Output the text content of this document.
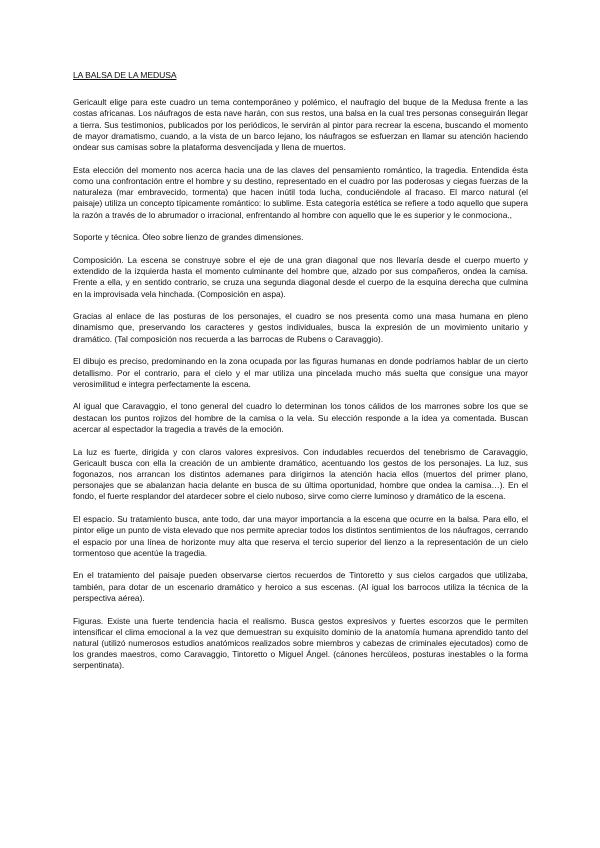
LA BALSA DE LA MEDUSA

Gericault elige para este cuadro un tema contemporáneo y polémico, el naufragio del buque de la Medusa frente a las costas africanas. Los náufragos de esta nave harán, con sus restos, una balsa en la cual tres personas conseguirán llegar a tierra. Sus testimonios, publicados por los periódicos, le servirán al pintor para recrear la escena, buscando el momento de mayor dramatismo, cuando, a la vista de un barco lejano, los náufragos se esfuerzan en llamar su atención haciendo ondear sus camisas sobre la plataforma desvencijada y llena de muertos.

Esta elección del momento nos acerca hacia una de las claves del pensamiento romántico, la tragedia. Entendida ésta como una confrontación entre el hombre y su destino, representado en el cuadro por las poderosas y ciegas fuerzas de la naturaleza (mar embravecido, tormenta) que hacen inútil toda lucha, conduciéndole al fracaso. El marco natural (el paisaje) utiliza un concepto típicamente romántico: lo sublime. Esta categoría estética se refiere a todo aquello que supera la razón a través de lo abrumador o irracional, enfrentando al hombre con aquello que le es superior y le conmociona.,

Soporte y técnica. Óleo sobre lienzo de grandes dimensiones.

Composición. La escena se construye sobre el eje de una gran diagonal que nos llevaría desde el cuerpo muerto y extendido de la izquierda hasta el momento culminante del hombre que, alzado por sus compañeros, ondea la camisa. Frente a ella, y en sentido contrario, se cruza una segunda diagonal desde el cuerpo de la esquina derecha que culmina en la improvisada vela hinchada. (Composición en aspa).

Gracias al enlace de las posturas de los personajes, el cuadro se nos presenta como una masa humana en pleno dinamismo que, preservando los caracteres y gestos individuales, busca la expresión de un movimiento unitario y dramático. (Tal composición nos recuerda a las barrocas de Rubens o Caravaggio).

El dibujo es preciso, predominando en la zona ocupada por las figuras humanas en donde podríamos hablar de un cierto detallismo. Por el contrario, para el cielo y el mar utiliza una pincelada mucho más suelta que consigue una mayor verosimilitud e integra perfectamente la escena.

Al igual que Caravaggio, el tono general del cuadro lo determinan los tonos cálidos de los marrones sobre los que se destacan los puntos rojizos del hombre de la camisa o la vela. Su elección responde a la idea ya comentada. Buscan acercar al espectador la tragedia a través de la emoción.

La luz es fuerte, dirigida y con claros valores expresivos. Con indudables recuerdos del tenebrismo de Caravaggio, Gericault busca con ella la creación de un ambiente dramático, acentuando los gestos de los personajes. La luz, sus fogonazos, nos arrancan los distintos ademanes para dirigirnos la atención hacia ellos (muertos del primer plano, personajes que se abalanzan hacia delante en busca de su última oportunidad, hombre que ondea la camisa…). En el fondo, el fuerte resplandor del atardecer sobre el cielo nuboso, sirve como cierre luminoso y dramático de la escena.

El espacio. Su tratamiento busca, ante todo, dar una mayor importancia a la escena que ocurre en la balsa. Para ello, el pintor elige un punto de vista elevado que nos permite apreciar todos los distintos sentimientos de los náufragos, cerrando el espacio por una línea de horizonte muy alta que reserva el tercio superior del lienzo a la representación de un cielo tormentoso que acentúe la tragedia.

En el tratamiento del paisaje pueden observarse ciertos recuerdos de Tintoretto y sus cielos cargados que utilizaba, también, para dotar de un escenario dramático y heroico a sus escenas. (Al igual los barrocos utiliza la técnica de la perspectiva aérea).

Figuras. Existe una fuerte tendencia hacia el realismo. Busca gestos expresivos y fuertes escorzos que le permiten intensificar el clima emocional a la vez que demuestran su exquisito dominio de la anatomía humana aprendido tanto del natural (utilizó numerosos estudios anatómicos realizados sobre miembros y cabezas de criminales ejecutados) como de los grandes maestros, como Caravaggio, Tintoretto o Miguel Ángel. (cánones hercúleos, posturas inestables o la forma serpentinata).
